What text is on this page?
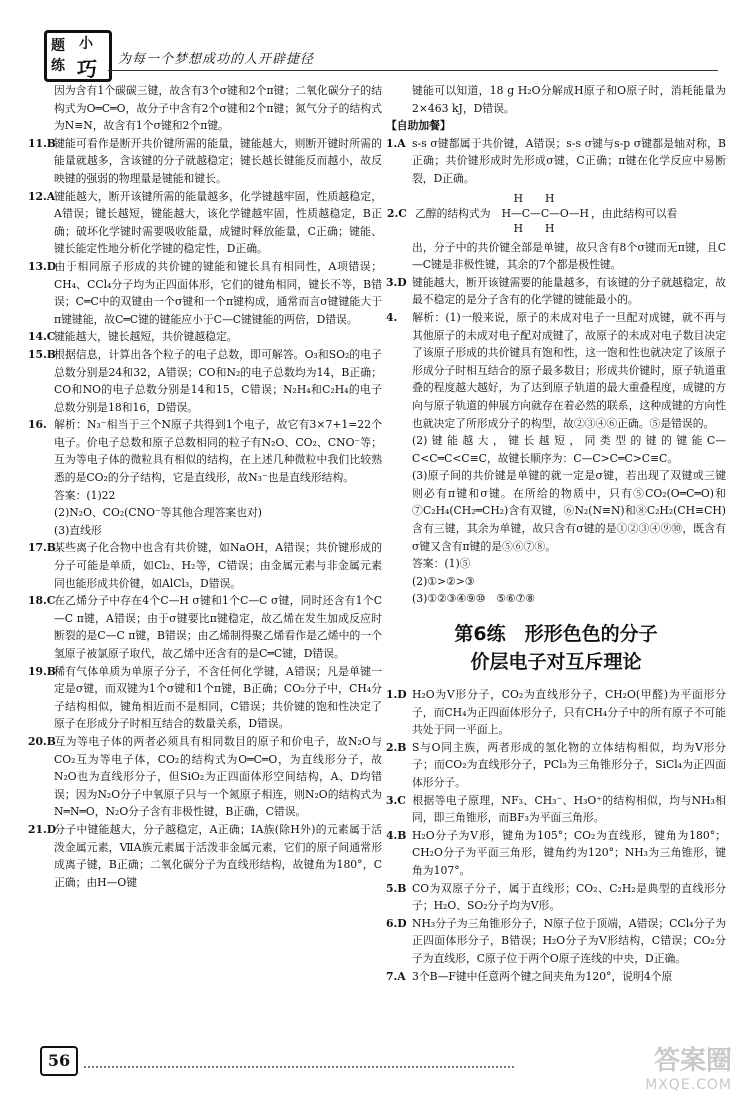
题 小
练 巧 为每一个梦想成功的人开辟捷径

因为含有1个碳碳三键，故含有3个σ键和2个π键；二氧化碳分子的结构式为O═C═O，故分子中含有2个σ键和2个π键；氮气分子的结构式为N≡N，故含有1个σ键和2个π键。

11.B键能可看作是断开共价键所需的能量，键能越大，则断开键时所需的能量就越多，含该键的分子就越稳定；键长越长键能反而越小，故反映键的强弱的物理量是键能和键长。

12.A键能越大，断开该键所需的能量越多，化学键越牢固，性质越稳定，A错误；键长越短，键能越大，该化学键越牢固，性质越稳定，B正确；破坏化学键时需要吸收能量，成键时释放能量，C正确；键能、键长能定性地分析化学键的稳定性，D正确。

13.D由于相同原子形成的共价键的键能和键长具有相同性，A项错误；CH₄、CCl₄分子均为正四面体形，它们的键角相同，键长不等，B错误；C═C中的双键由一个σ键和一个π键构成，通常而言σ键键能大于π键键能，故C═C键的键能应小于C—C键键能的两倍，D错误。

14.C键能越大，键长越短，共价键越稳定。

15.B根据信息，计算出各个粒子的电子总数，即可解答。O₃和SO₂的电子总数分别是24和32，A错误；CO和N₂的电子总数均为14，B正确；CO和NO的电子总数分别是14和15，C错误；N₂H₄和C₂H₄的电子总数分别是18和16，D错误。

16. 解析：N₃⁻相当于三个N原子共得到1个电子，故它有3×7+1=22个电子。价电子总数和原子总数相同的粒子有N₂O、CO₂、CNO⁻等；互为等电子体的微粒具有相似的结构，在上述几种微粒中我们比较熟悉的是CO₂的分子结构，它是直线形，故N₃⁻也是直线形结构。

答案：(1)22

(2)N₂O、CO₂(CNO⁻等其他合理答案也对)

(3)直线形

17.B某些离子化合物中也含有共价键，如NaOH，A错误；共价键形成的分子可能是单质，如Cl₂、H₂等，C错误；由金属元素与非金属元素同也能形成共价键，如AlCl₃，D错误。

18.C在乙烯分子中存在4个C—H σ键和1个C—C σ键，同时还含有1个C—C π键，A错误；由于σ键要比π键稳定，故乙烯在发生加成反应时断裂的是C—C π键，B错误；由乙烯制得聚乙烯看作是乙烯中的一个氢原子被氯原子取代，故乙烯中还含有的是C═C键，D错误。

19.B稀有气体单质为单原子分子，不含任何化学键，A错误；凡是单键一定是σ键，而双键为1个σ键和1个π键，B正确；CO₂分子中，CH₄分子结构相似，键角相近而不是相同，C错误；共价键的饱和性决定了原子在形成分子时相互结合的数量关系，D错误。

20.B互为等电子体的两者必须具有相同数目的原子和价电子，故N₂O与CO₂互为等电子体，CO₂的结构式为O═C═O，为直线形分子，故N₂O也为直线形分子，但SiO₂为正四面体形空间结构，A、D均错误；因为N₂O分子中氧原子只与一个氮原子相连，则N₂O的结构式为N═N═O，N₂O分子含有非极性键，B正确，C错误。

21.D分子中键能越大，分子越稳定，A正确；ⅠA族(除H外)的元素属于活泼金属元素，ⅦA族元素属于活泼非金属元素，它们的原子间通常形成离子键，B正确；二氧化碳分子为直线形结构，故键角为180°，C正确；由H—O键

键能可以知道，18 g H₂O分解成H原子和O原子时，消耗能量为2×463 kJ，D错误。

【自助加餐】

1.A s-s σ键都属于共价键，A错误；s-s σ键与s-p σ键都是轴对称，B正确；共价键形成时先形成σ键，C正确；π键在化学反应中易断裂，D正确。

2.C	乙醇的结构式为	H H	，由此结构可以看
H—C—C—O—H
H H

出，分子中的共价键全部是单键，故只含有8个σ键而无π键，且C—C键是非极性键，其余的7个都是极性键。

3.D 键能越大，断开该键需要的能量越多，有该键的分子就越稳定，故最不稳定的是分子含有的化学键的键能最小的。

4. 解析：(1)一般来说，原子的未成对电子一旦配对成键，就不再与其他原子的未成对电子配对成键了，故原子的未成对电子数目决定了该原子形成的共价键具有饱和性，这一饱和性也就决定了该原子形成分子时相互结合的原子最多数目；形成共价键时，原子轨道重叠的程度越大越好，为了达到原子轨道的最大重叠程度，成键的方向与原子轨道的伸展方向就存在着必然的联系，这种成键的方向性也就决定了所形成分子的构型，故②③④⑥正确。⑤是错误的。

(2)键能越大，键长越短，同类型的键的键能C—C<C═C<C≡C，故键长顺序为：C—C>C═C>C≡C。

(3)原子间的共价键是单键的就一定是σ键，若出现了双键或三键则必有π键和σ键。在所给的物质中，只有⑤CO₂(O═C═O)和⑦C₂H₄(CH₂═CH₂)含有双键，⑥N₂(N≡N)和⑧C₂H₂(CH≡CH)含有三键，其余为单键，故只含有σ键的是①②③④⑨⑩，既含有σ键又含有π键的是⑤⑥⑦⑧。

答案：(1)⑤

(2)①>②>③

(3)①②③④⑨⑩　⑤⑥⑦⑧

第6练　形形色色的分子
价层电子对互斥理论

1.D H₂O为V形分子，CO₂为直线形分子，CH₂O(甲醛)为平面形分子，而CH₄为正四面体形分子，只有CH₄分子中的所有原子不可能共处于同一平面上。

2.B S与O同主族，两者形成的氢化物的立体结构相似，均为V形分子；而CO₂为直线形分子，PCl₃为三角锥形分子，SiCl₄为正四面体形分子。

3.C 根据等电子原理，NF₃、CH₃⁻、H₃O⁺的结构相似，均与NH₃相同，即三角锥形，而BF₃为平面三角形。

4.B H₂O分子为V形，键角为105°；CO₂为直线形，键角为180°；CH₂O分子为平面三角形，键角约为120°；NH₃为三角锥形，键角为107°。

5.B CO为双原子分子，属于直线形；CO₂、C₂H₂是典型的直线形分子；H₂O、SO₂分子均为V形。

6.D NH₃分子为三角锥形分子，N原子位于顶端，A错误；CCl₄分子为正四面体形分子，B错误；H₂O分子为V形结构，C错误；CO₂分子为直线形，C原子位于两个O原子连线的中央，D正确。

7.A 3个B—F键中任意两个键之间夹角为120°，说明4个原

56	答案圈
MXQE.COM
